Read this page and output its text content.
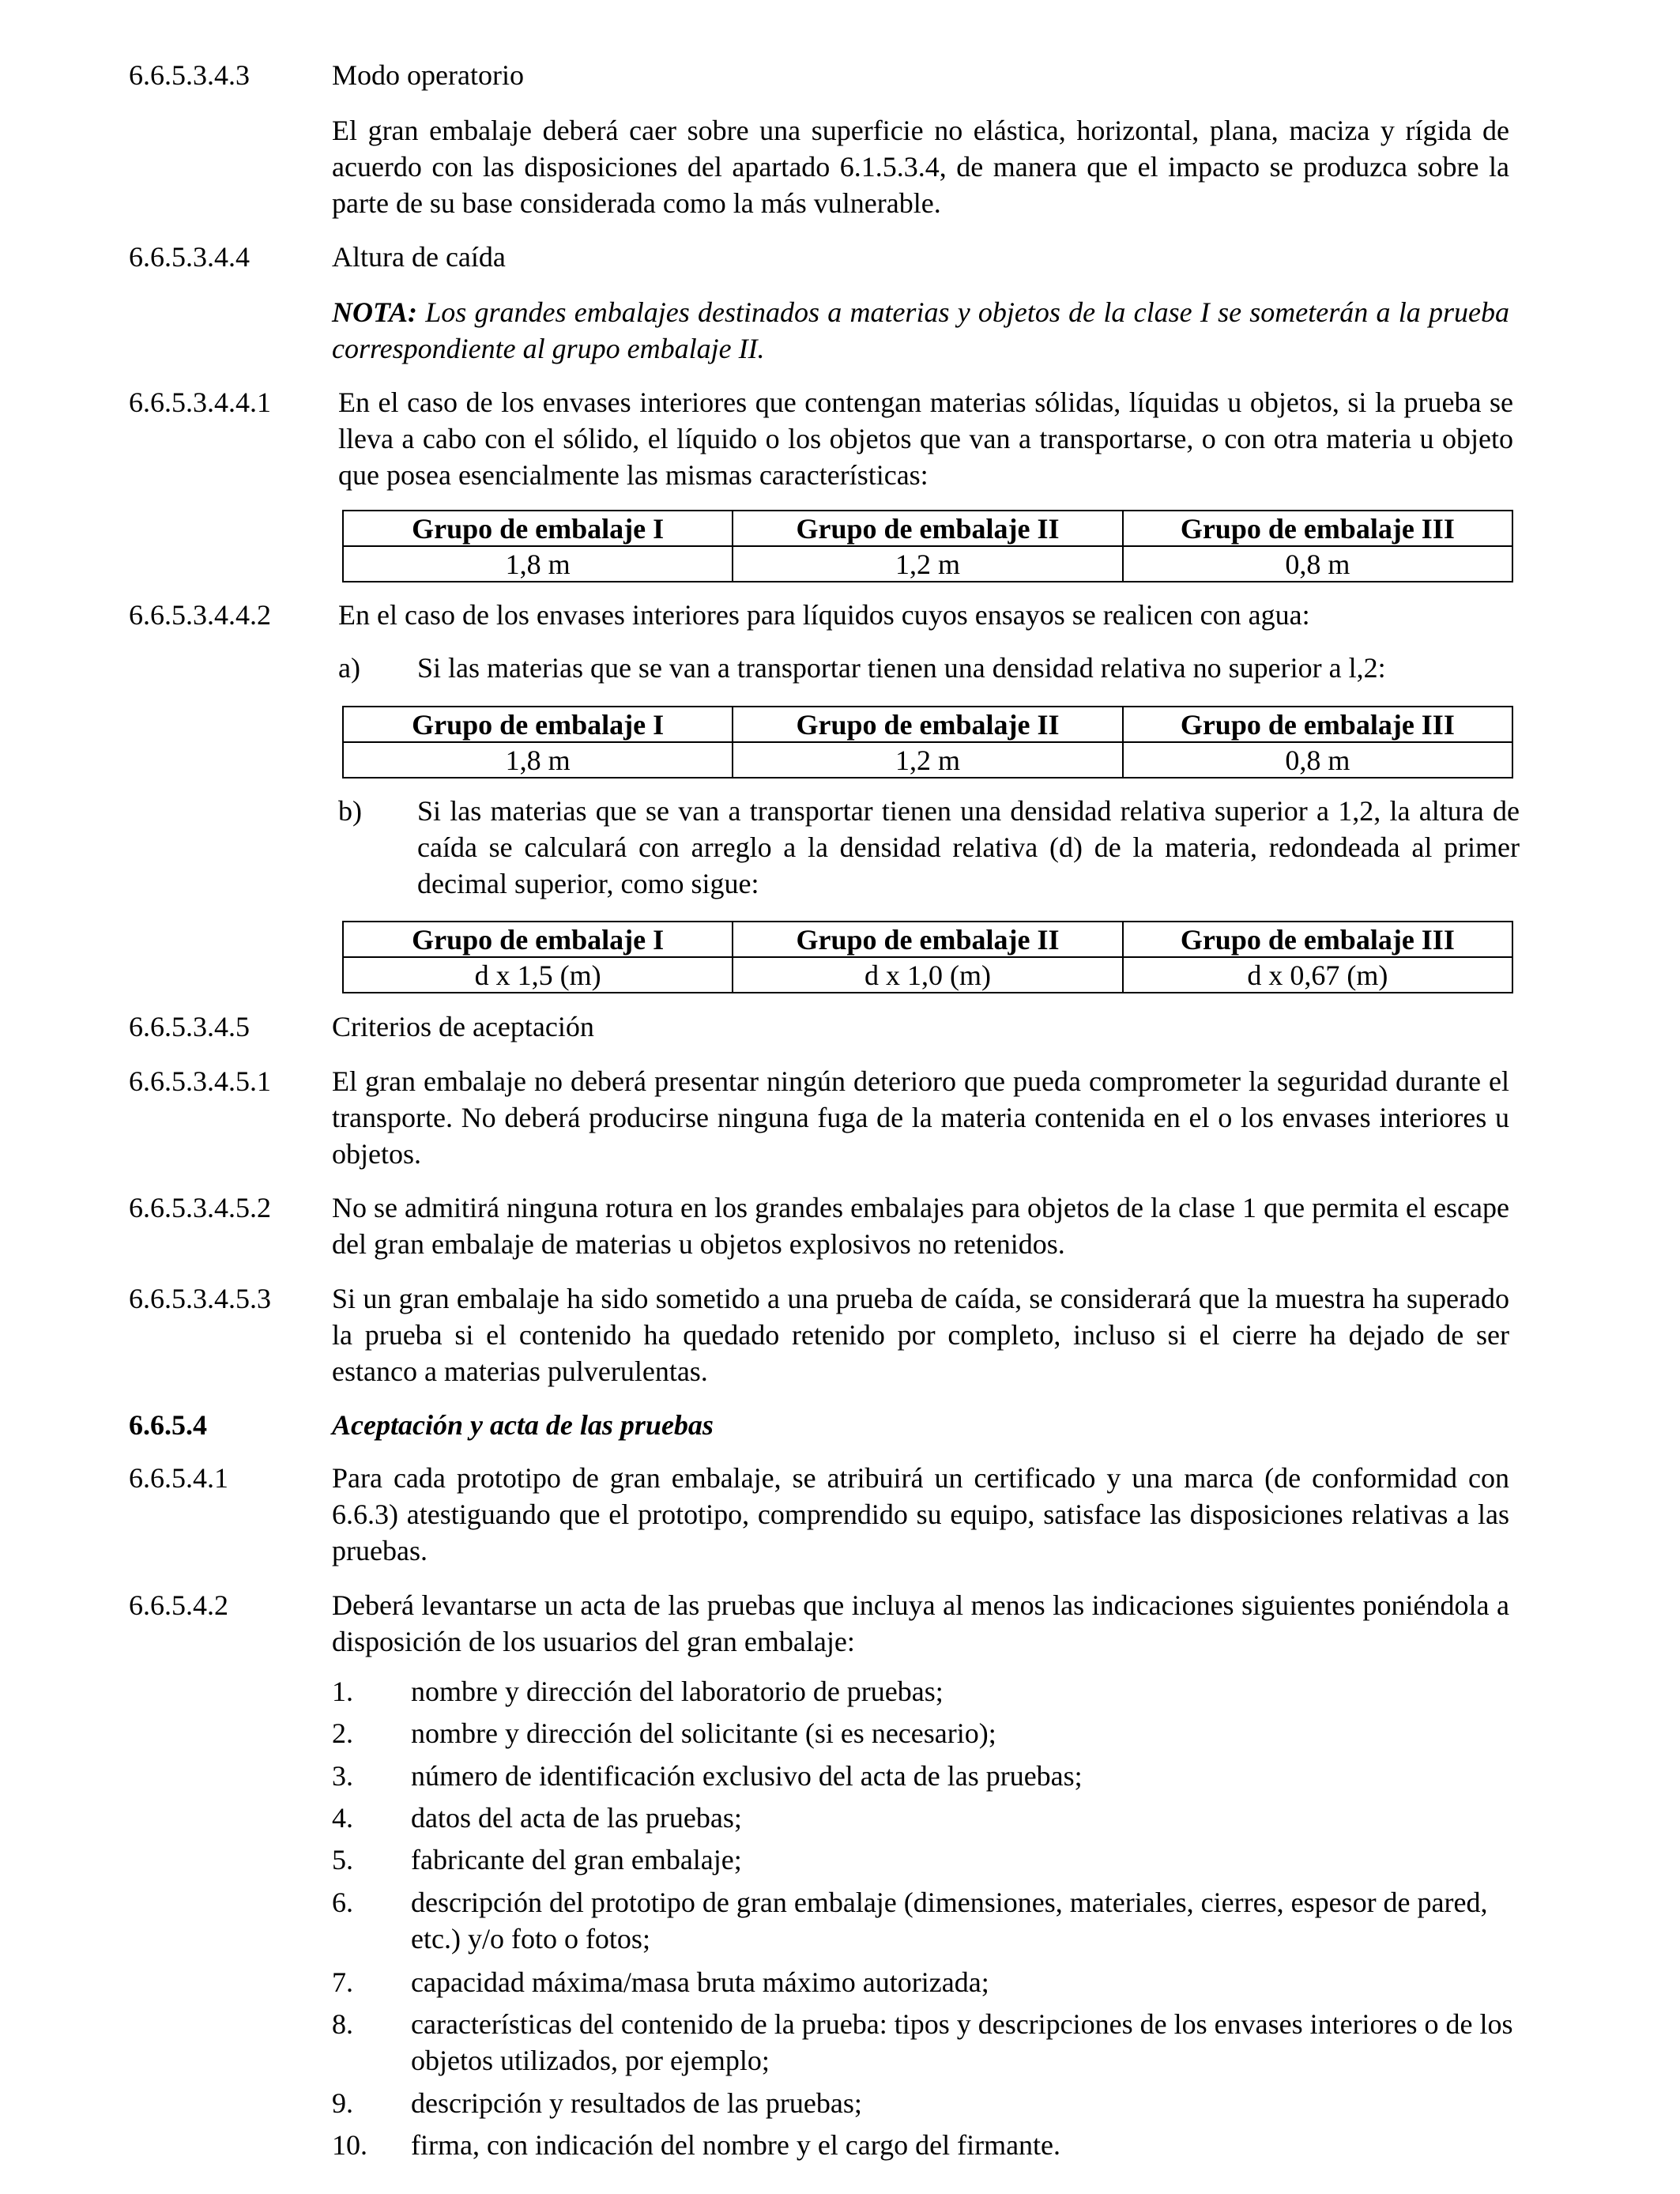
6.6.5.3.4.3	Modo operatorio

El gran embalaje deberá caer sobre una superficie no elástica, horizontal, plana, maciza y rígida de acuerdo con las disposiciones del apartado 6.1.5.3.4, de manera que el impacto se produzca sobre la parte de su base considerada como la más vulnerable.

6.6.5.3.4.4	Altura de caída

NOTA: Los grandes embalajes destinados a materias y objetos de la clase I se someterán a la prueba correspondiente al grupo embalaje II.

6.6.5.3.4.4.1 En el caso de los envases interiores que contengan materias sólidas, líquidas u objetos, si la prueba se lleva a cabo con el sólido, el líquido o los objetos que van a transportarse, o con otra materia u objeto que posea esencialmente las mismas características:

Grupo de embalaje I	Grupo de embalaje II	Grupo de embalaje III
1,8 m	1,2 m	0,8 m
6.6.5.3.4.4.2 En el caso de los envases interiores para líquidos cuyos ensayos se realicen con agua:

a) Si las materias que se van a transportar tienen una densidad relativa no superior a l,2:
Grupo de embalaje I	Grupo de embalaje II	Grupo de embalaje III
1,8 m	1,2 m	0,8 m
b) Si las materias que se van a transportar tienen una densidad relativa superior a 1,2, la altura de caída se calculará con arreglo a la densidad relativa (d) de la materia, redondeada al primer decimal superior, como sigue:
Grupo de embalaje I	Grupo de embalaje II	Grupo de embalaje III
d x 1,5 (m)	d x 1,0 (m)	d x 0,67 (m)
6.6.5.3.4.5	Criterios de aceptación

6.6.5.3.4.5.1 El gran embalaje no deberá presentar ningún deterioro que pueda comprometer la seguridad durante el transporte. No deberá producirse ninguna fuga de la materia contenida en el o los envases interiores u objetos.

6.6.5.3.4.5.2 No se admitirá ninguna rotura en los grandes embalajes para objetos de la clase 1 que permita el escape del gran embalaje de materias u objetos explosivos no retenidos.

6.6.5.3.4.5.3 Si un gran embalaje ha sido sometido a una prueba de caída, se considerará que la muestra ha superado la prueba si el contenido ha quedado retenido por completo, incluso si el cierre ha dejado de ser estanco a materias pulverulentas.

6.6.5.4	Aceptación y acta de las pruebas

6.6.5.4.1	Para cada prototipo de gran embalaje, se atribuirá un certificado y una marca (de conformidad con 6.6.3) atestiguando que el prototipo, comprendido su equipo, satisface las disposiciones relativas a las pruebas.

6.6.5.4.2	Deberá levantarse un acta de las pruebas que incluya al menos las indicaciones siguientes poniéndola a disposición de los usuarios del gran embalaje:

1. nombre y dirección del laboratorio de pruebas;
2. nombre y dirección del solicitante (si es necesario);
3. número de identificación exclusivo del acta de las pruebas;
4. datos del acta de las pruebas;
5. fabricante del gran embalaje;
6. descripción del prototipo de gran embalaje (dimensiones, materiales, cierres, espesor de pared, etc.) y/o foto o fotos;
7. capacidad máxima/masa bruta máximo autorizada;
8. características del contenido de la prueba: tipos y descripciones de los envases interiores o de los objetos utilizados, por ejemplo;
9. descripción y resultados de las pruebas;
10. firma, con indicación del nombre y el cargo del firmante.
